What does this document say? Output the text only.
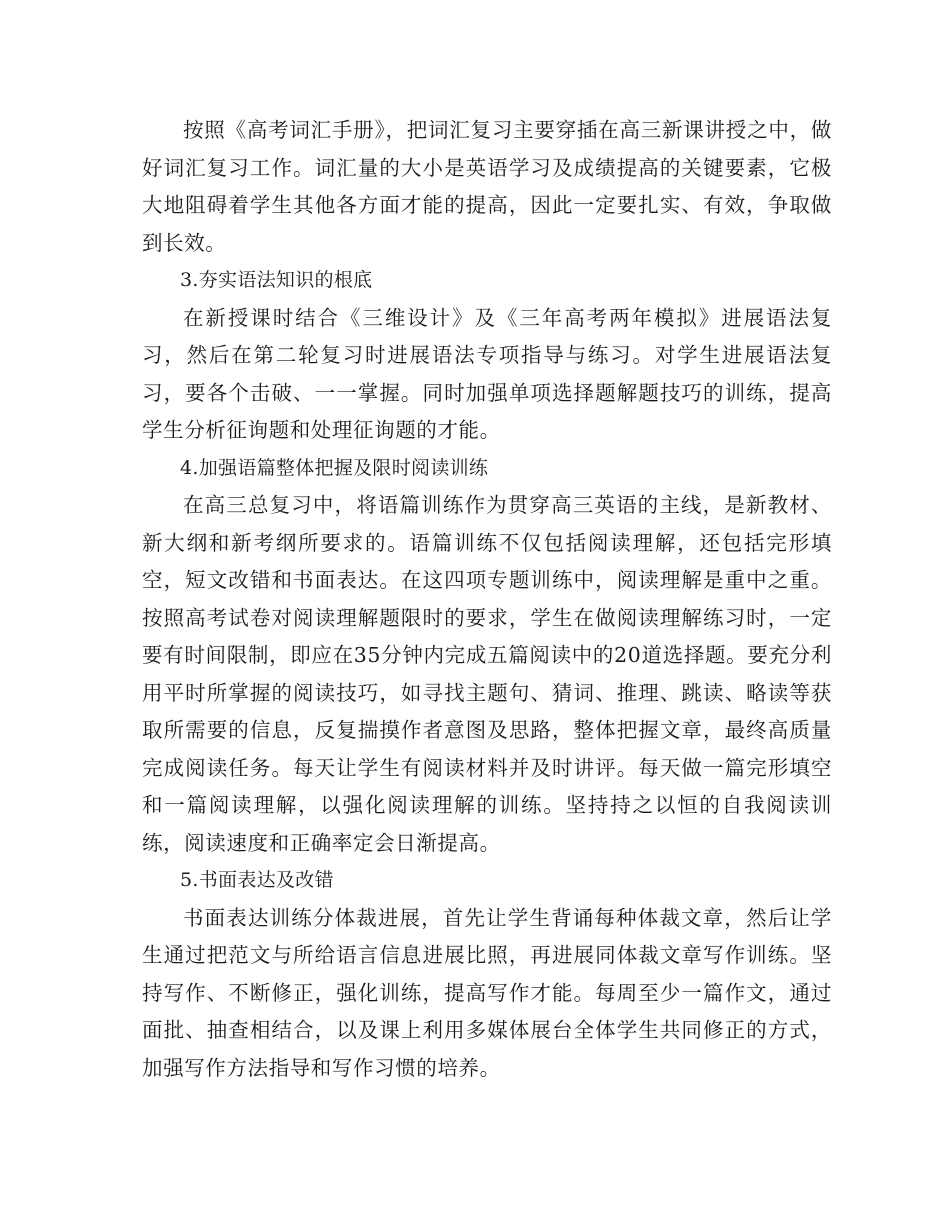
按照《高考词汇手册》，把词汇复习主要穿插在高三新课讲授之中，做好词汇复习工作。词汇量的大小是英语学习及成绩提高的关键要素，它极大地阻碍着学生其他各方面才能的提高，因此一定要扎实、有效，争取做到长效。

3.夯实语法知识的根底

在新授课时结合《三维设计》及《三年高考两年模拟》进展语法复习，然后在第二轮复习时进展语法专项指导与练习。对学生进展语法复习，要各个击破、一一掌握。同时加强单项选择题解题技巧的训练，提高学生分析征询题和处理征询题的才能。

4.加强语篇整体把握及限时阅读训练

在高三总复习中，将语篇训练作为贯穿高三英语的主线，是新教材、新大纲和新考纲所要求的。语篇训练不仅包括阅读理解，还包括完形填空，短文改错和书面表达。在这四项专题训练中，阅读理解是重中之重。按照高考试卷对阅读理解题限时的要求，学生在做阅读理解练习时，一定要有时间限制，即应在35分钟内完成五篇阅读中的20道选择题。要充分利用平时所掌握的阅读技巧，如寻找主题句、猜词、推理、跳读、略读等获取所需要的信息，反复揣摸作者意图及思路，整体把握文章，最终高质量完成阅读任务。每天让学生有阅读材料并及时讲评。每天做一篇完形填空和一篇阅读理解，以强化阅读理解的训练。坚持持之以恒的自我阅读训练，阅读速度和正确率定会日渐提高。

5.书面表达及改错

书面表达训练分体裁进展，首先让学生背诵每种体裁文章，然后让学生通过把范文与所给语言信息进展比照，再进展同体裁文章写作训练。坚持写作、不断修正，强化训练，提高写作才能。每周至少一篇作文，通过面批、抽查相结合，以及课上利用多媒体展台全体学生共同修正的方式，加强写作方法指导和写作习惯的培养。
